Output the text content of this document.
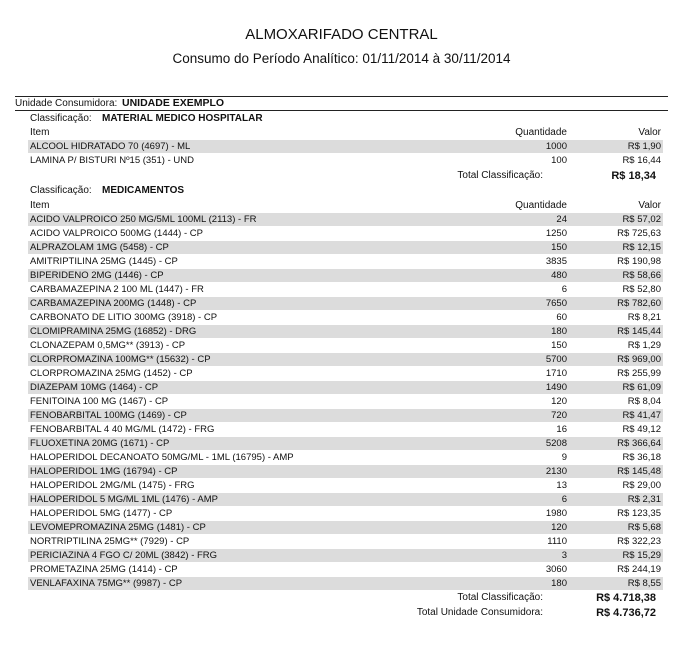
ALMOXARIFADO CENTRAL
Consumo do Período Analítico: 01/11/2014 à 30/11/2014
Unidade Consumidora: UNIDADE EXEMPLO
Classificação: MATERIAL MEDICO HOSPITALAR
Item	Quantidade	Valor
ALCOOL HIDRATADO 70 (4697) - ML	1000	R$ 1,90
LAMINA P/ BISTURI Nº15 (351) - UND	100	R$ 16,44
Total Classificação:	R$ 18,34
Classificação: MEDICAMENTOS
Item	Quantidade	Valor
ACIDO VALPROICO 250 MG/5ML 100ML (2113) - FR	24	R$ 57,02
ACIDO VALPROICO 500MG (1444) - CP	1250	R$ 725,63
ALPRAZOLAM 1MG (5458) - CP	150	R$ 12,15
AMITRIPTILINA 25MG (1445) - CP	3835	R$ 190,98
BIPERIDENO 2MG (1446) - CP	480	R$ 58,66
CARBAMAZEPINA 2 100 ML (1447) - FR	6	R$ 52,80
CARBAMAZEPINA 200MG (1448) - CP	7650	R$ 782,60
CARBONATO DE LITIO 300MG (3918) - CP	60	R$ 8,21
CLOMIPRAMINA 25MG (16852) - DRG	180	R$ 145,44
CLONAZEPAM 0,5MG** (3913) - CP	150	R$ 1,29
CLORPROMAZINA 100MG** (15632) - CP	5700	R$ 969,00
CLORPROMAZINA 25MG (1452) - CP	1710	R$ 255,99
DIAZEPAM 10MG (1464) - CP	1490	R$ 61,09
FENITOINA 100 MG (1467) - CP	120	R$ 8,04
FENOBARBITAL 100MG (1469) - CP	720	R$ 41,47
FENOBARBITAL 4 40 MG/ML (1472) - FRG	16	R$ 49,12
FLUOXETINA 20MG (1671) - CP	5208	R$ 366,64
HALOPERIDOL DECANOATO 50MG/ML - 1ML (16795) - AMP	9	R$ 36,18
HALOPERIDOL 1MG (16794) - CP	2130	R$ 145,48
HALOPERIDOL 2MG/ML (1475) - FRG	13	R$ 29,00
HALOPERIDOL 5 MG/ML 1ML (1476) - AMP	6	R$ 2,31
HALOPERIDOL 5MG (1477) - CP	1980	R$ 123,35
LEVOMEPROMAZINA 25MG (1481) - CP	120	R$ 5,68
NORTRIPTILINA 25MG** (7929) - CP	1110	R$ 322,23
PERICIAZINA 4 FGO C/ 20ML (3842) - FRG	3	R$ 15,29
PROMETAZINA 25MG (1414) - CP	3060	R$ 244,19
VENLAFAXINA 75MG** (9987) - CP	180	R$ 8,55
Total Classificação:	R$ 4.718,38
Total Unidade Consumidora:	R$ 4.736,72
